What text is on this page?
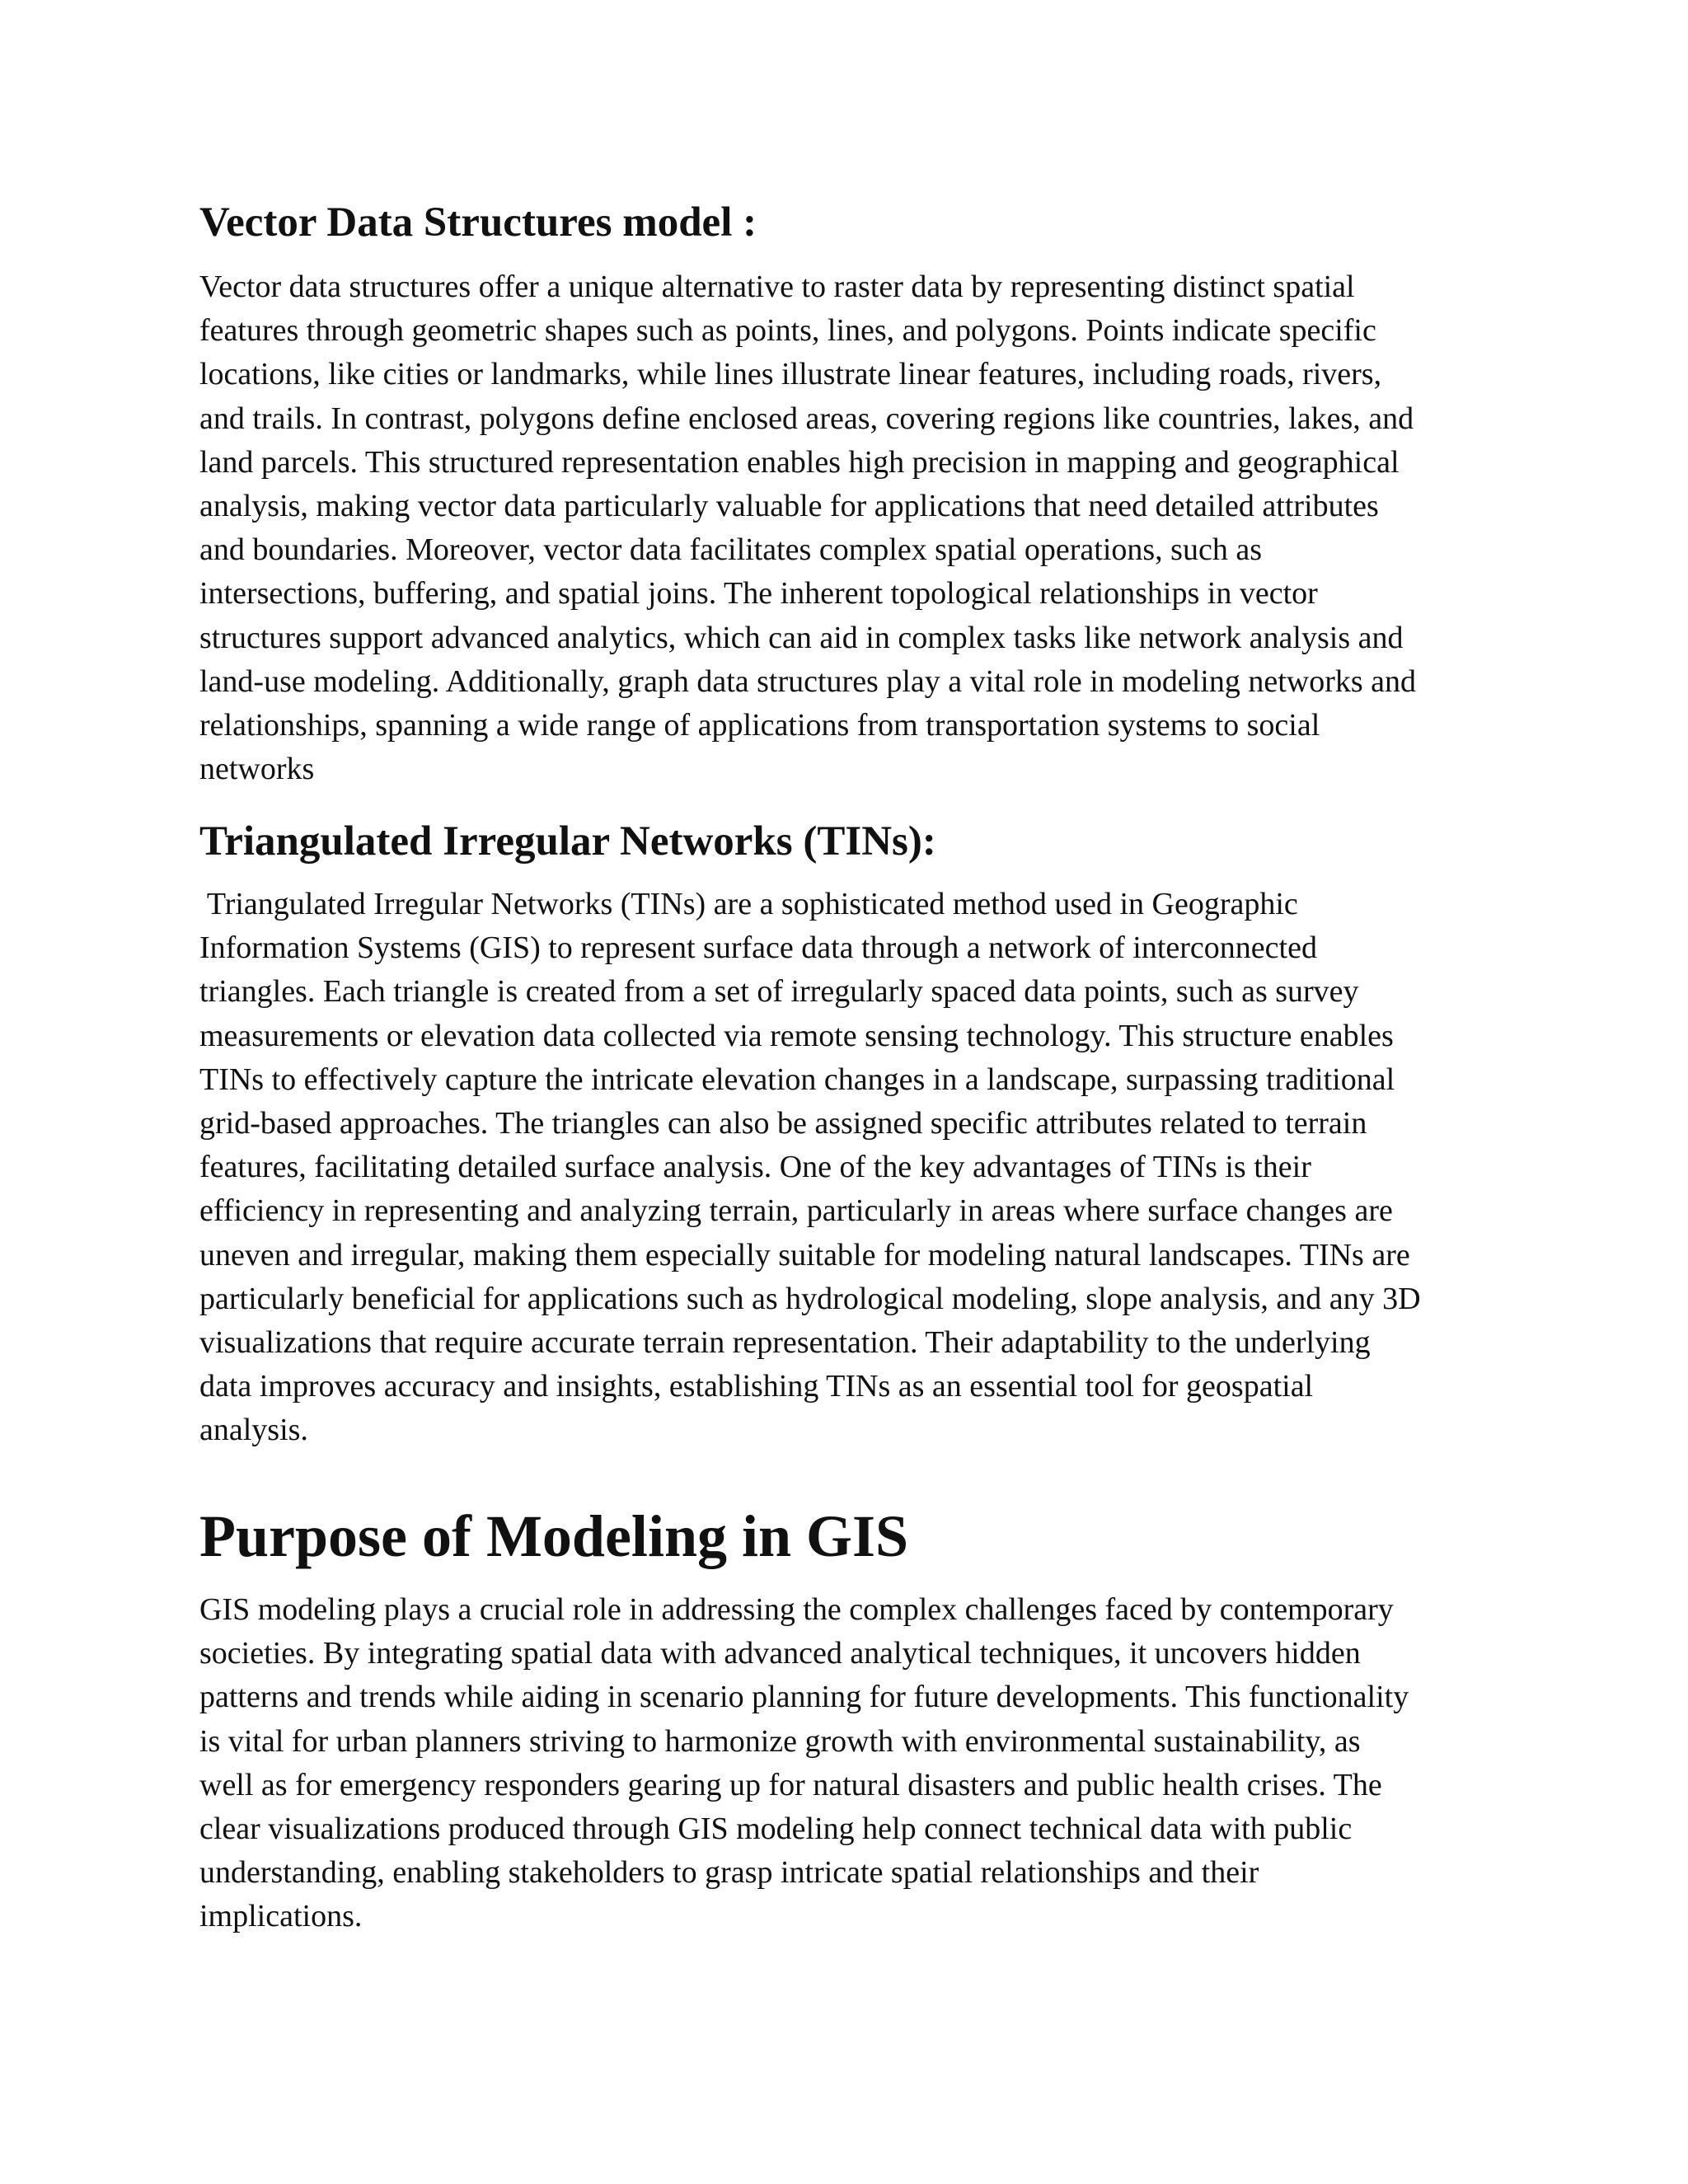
Vector Data Structures model :
Vector data structures offer a unique alternative to raster data by representing distinct spatial
features through geometric shapes such as points, lines, and polygons. Points indicate specific
locations, like cities or landmarks, while lines illustrate linear features, including roads, rivers,
and trails. In contrast, polygons define enclosed areas, covering regions like countries, lakes, and
land parcels. This structured representation enables high precision in mapping and geographical
analysis, making vector data particularly valuable for applications that need detailed attributes
and boundaries. Moreover, vector data facilitates complex spatial operations, such as
intersections, buffering, and spatial joins. The inherent topological relationships in vector
structures support advanced analytics, which can aid in complex tasks like network analysis and
land-use modeling. Additionally, graph data structures play a vital role in modeling networks and
relationships, spanning a wide range of applications from transportation systems to social
networks
Triangulated Irregular Networks (TINs):
Triangulated Irregular Networks (TINs) are a sophisticated method used in Geographic
Information Systems (GIS) to represent surface data through a network of interconnected
triangles. Each triangle is created from a set of irregularly spaced data points, such as survey
measurements or elevation data collected via remote sensing technology. This structure enables
TINs to effectively capture the intricate elevation changes in a landscape, surpassing traditional
grid-based approaches. The triangles can also be assigned specific attributes related to terrain
features, facilitating detailed surface analysis. One of the key advantages of TINs is their
efficiency in representing and analyzing terrain, particularly in areas where surface changes are
uneven and irregular, making them especially suitable for modeling natural landscapes. TINs are
particularly beneficial for applications such as hydrological modeling, slope analysis, and any 3D
visualizations that require accurate terrain representation. Their adaptability to the underlying
data improves accuracy and insights, establishing TINs as an essential tool for geospatial
analysis.
Purpose of Modeling in GIS
GIS modeling plays a crucial role in addressing the complex challenges faced by contemporary
societies. By integrating spatial data with advanced analytical techniques, it uncovers hidden
patterns and trends while aiding in scenario planning for future developments. This functionality
is vital for urban planners striving to harmonize growth with environmental sustainability, as
well as for emergency responders gearing up for natural disasters and public health crises. The
clear visualizations produced through GIS modeling help connect technical data with public
understanding, enabling stakeholders to grasp intricate spatial relationships and their
implications.
